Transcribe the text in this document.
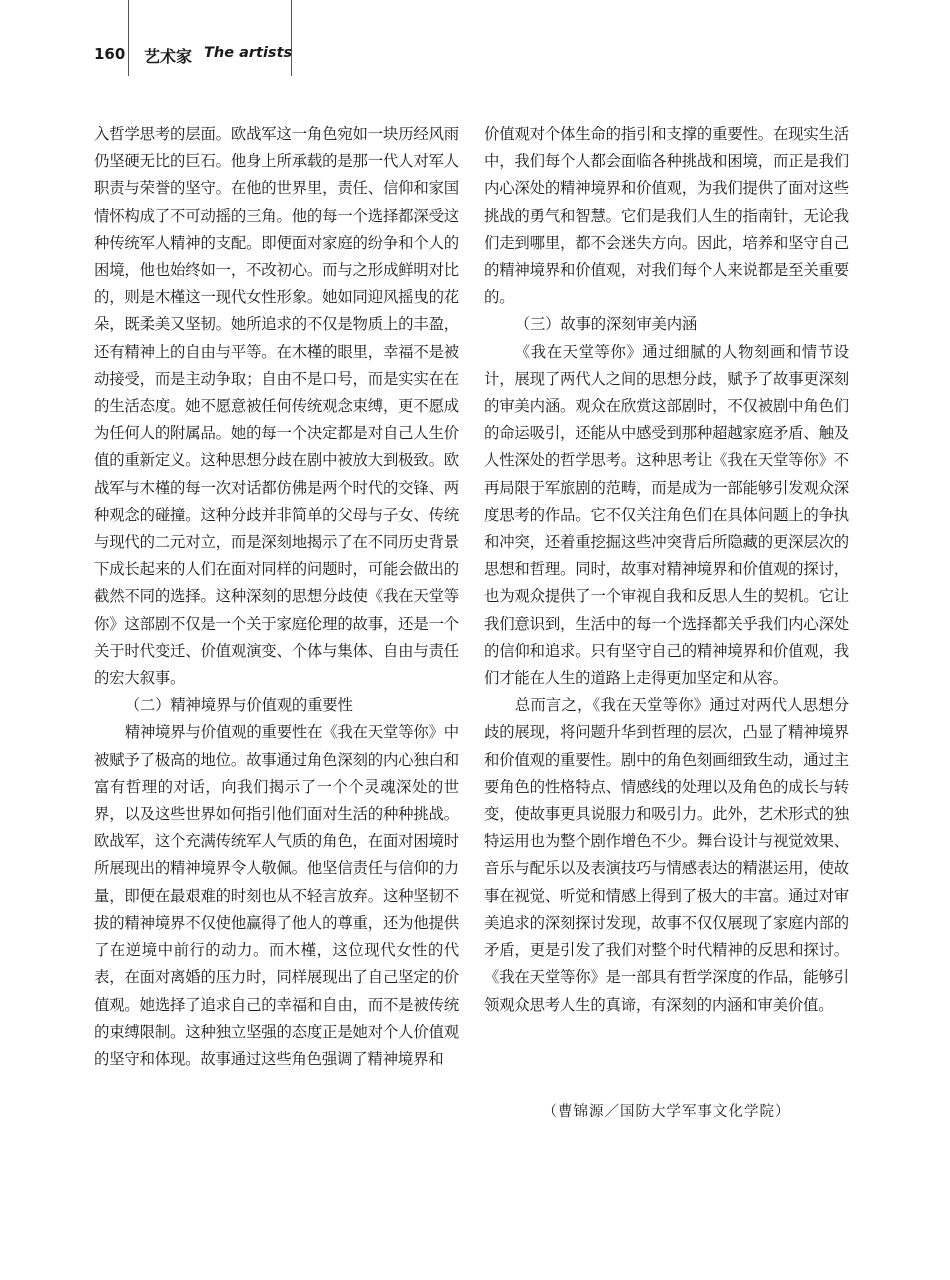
160 艺术家 The artists

入哲学思考的层面。欧战军这一角色宛如一块历经风雨仍坚硬无比的巨石。他身上所承载的是那一代人对军人职责与荣誉的坚守。在他的世界里，责任、信仰和家国情怀构成了不可动摇的三角。他的每一个选择都深受这种传统军人精神的支配。即便面对家庭的纷争和个人的困境，他也始终如一，不改初心。而与之形成鲜明对比的，则是木槿这一现代女性形象。她如同迎风摇曳的花朵，既柔美又坚韧。她所追求的不仅是物质上的丰盈，还有精神上的自由与平等。在木槿的眼里，幸福不是被动接受，而是主动争取；自由不是口号，而是实实在在的生活态度。她不愿意被任何传统观念束缚，更不愿成为任何人的附属品。她的每一个决定都是对自己人生价值的重新定义。这种思想分歧在剧中被放大到极致。欧战军与木槿的每一次对话都仿佛是两个时代的交锋、两种观念的碰撞。这种分歧并非简单的父母与子女、传统与现代的二元对立，而是深刻地揭示了在不同历史背景下成长起来的人们在面对同样的问题时，可能会做出的截然不同的选择。这种深刻的思想分歧使《我在天堂等你》这部剧不仅是一个关于家庭伦理的故事，还是一个关于时代变迁、价值观演变、个体与集体、自由与责任的宏大叙事。

（二）精神境界与价值观的重要性

精神境界与价值观的重要性在《我在天堂等你》中被赋予了极高的地位。故事通过角色深刻的内心独白和富有哲理的对话，向我们揭示了一个个灵魂深处的世界，以及这些世界如何指引他们面对生活的种种挑战。欧战军，这个充满传统军人气质的角色，在面对困境时所展现出的精神境界令人敬佩。他坚信责任与信仰的力量，即便在最艰难的时刻也从不轻言放弃。这种坚韧不拔的精神境界不仅使他赢得了他人的尊重，还为他提供了在逆境中前行的动力。而木槿，这位现代女性的代表，在面对离婚的压力时，同样展现出了自己坚定的价值观。她选择了追求自己的幸福和自由，而不是被传统的束缚限制。这种独立坚强的态度正是她对个人价值观的坚守和体现。故事通过这些角色强调了精神境界和

价值观对个体生命的指引和支撑的重要性。在现实生活中，我们每个人都会面临各种挑战和困境，而正是我们内心深处的精神境界和价值观，为我们提供了面对这些挑战的勇气和智慧。它们是我们人生的指南针，无论我们走到哪里，都不会迷失方向。因此，培养和坚守自己的精神境界和价值观，对我们每个人来说都是至关重要的。

（三）故事的深刻审美内涵

《我在天堂等你》通过细腻的人物刻画和情节设计，展现了两代人之间的思想分歧，赋予了故事更深刻的审美内涵。观众在欣赏这部剧时，不仅被剧中角色们的命运吸引，还能从中感受到那种超越家庭矛盾、触及人性深处的哲学思考。这种思考让《我在天堂等你》不再局限于军旅剧的范畴，而是成为一部能够引发观众深度思考的作品。它不仅关注角色们在具体问题上的争执和冲突，还着重挖掘这些冲突背后所隐藏的更深层次的思想和哲理。同时，故事对精神境界和价值观的探讨，也为观众提供了一个审视自我和反思人生的契机。它让我们意识到，生活中的每一个选择都关乎我们内心深处的信仰和追求。只有坚守自己的精神境界和价值观，我们才能在人生的道路上走得更加坚定和从容。

总而言之，《我在天堂等你》通过对两代人思想分歧的展现，将问题升华到哲理的层次，凸显了精神境界和价值观的重要性。剧中的角色刻画细致生动，通过主要角色的性格特点、情感线的处理以及角色的成长与转变，使故事更具说服力和吸引力。此外，艺术形式的独特运用也为整个剧作增色不少。舞台设计与视觉效果、音乐与配乐以及表演技巧与情感表达的精湛运用，使故事在视觉、听觉和情感上得到了极大的丰富。通过对审美追求的深刻探讨发现，故事不仅仅展现了家庭内部的矛盾，更是引发了我们对整个时代精神的反思和探讨。《我在天堂等你》是一部具有哲学深度的作品，能够引领观众思考人生的真谛，有深刻的内涵和审美价值。

（曹锦源／国防大学军事文化学院）
